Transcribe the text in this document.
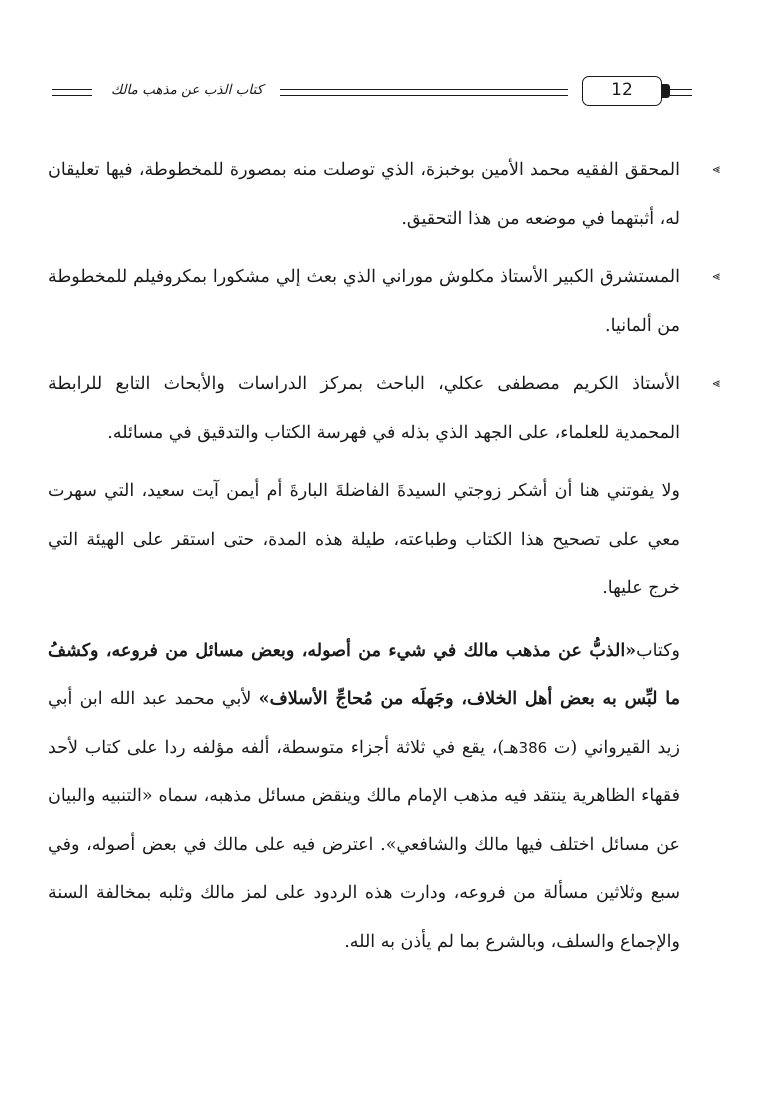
12
كتاب الذب عن مذهب مالك
⪢
المحقق الفقيه محمد الأمين بوخبزة، الذي توصلت منه بمصورة للمخطوطة، فيها تعليقان له، أثبتهما في موضعه من هذا التحقيق.
⪢
المستشرق الكبير الأستاذ مكلوش موراني الذي بعث إلي مشكورا بمكروفيلم للمخطوطة من ألمانيا.
⪢
الأستاذ الكريم مصطفى عكلي، الباحث بمركز الدراسات والأبحاث التابع للرابطة المحمدية للعلماء، على الجهد الذي بذله في فهرسة الكتاب والتدقيق في مسائله.

ولا يفوتني هنا أن أشكر زوجتي السيدةَ الفاضلةَ البارةَ أم أيمن آيت سعيد، التي سهرت معي على تصحيح هذا الكتاب وطباعته، طيلة هذه المدة، حتى استقر على الهيئة التي خرج عليها.

وكتاب«الذبُّ عن مذهب مالك في شيء من أصوله، وبعض مسائل من فروعه، وكشفُ ما لبِّس به بعض أهل الخلاف، وجَهلَه من مُحاجِّ الأسلاف» لأبي محمد عبد الله ابن أبي زيد القيرواني (ت 386هـ)، يقع في ثلاثة أجزاء متوسطة، ألفه مؤلفه ردا على كتاب لأحد فقهاء الظاهرية ينتقد فيه مذهب الإمام مالك وينقض مسائل مذهبه، سماه «التنبيه والبيان عن مسائل اختلف فيها مالك والشافعي». اعترض فيه على مالك في بعض أصوله، وفي سبع وثلاثين مسألة من فروعه، ودارت هذه الردود على لمز مالك وثلبه بمخالفة السنة والإجماع والسلف، وبالشرع بما لم يأذن به الله.
